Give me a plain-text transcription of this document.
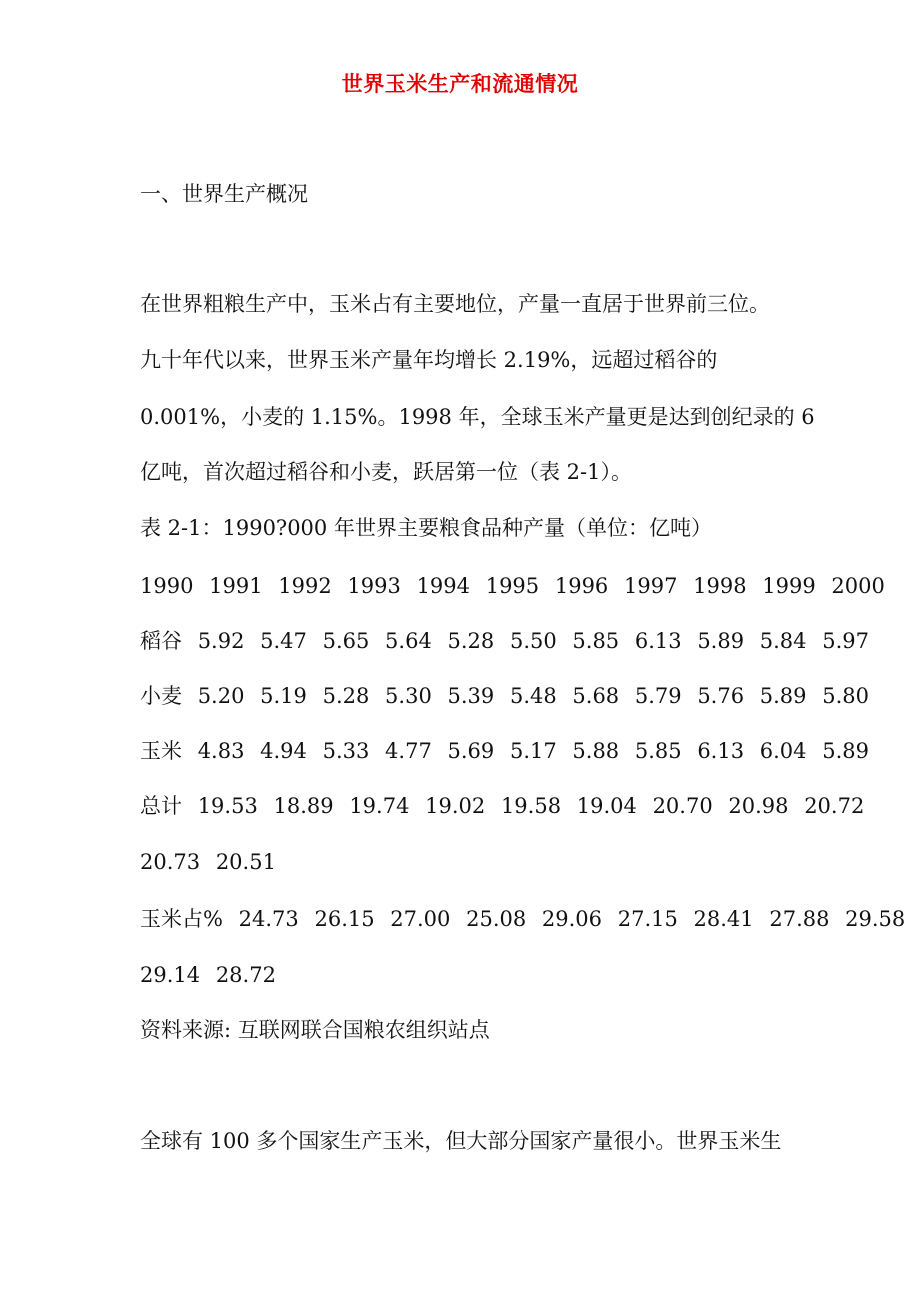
世界玉米生产和流通情况
一、世界生产概况
在世界粗粮生产中，玉米占有主要地位，产量一直居于世界前三位。
九十年代以来，世界玉米产量年均增长 2.19%，远超过稻谷的
0.001%，小麦的 1.15%。1998 年，全球玉米产量更是达到创纪录的 6
亿吨，首次超过稻谷和小麦，跃居第一位（表 2-1）。
表 2-1：1990?000 年世界主要粮食品种产量（单位：亿吨）
1990 1991 1992 1993 1994 1995 1996 1997 1998 1999 2000
稻谷 5.92 5.47 5.65 5.64 5.28 5.50 5.85 6.13 5.89 5.84 5.97
小麦 5.20 5.19 5.28 5.30 5.39 5.48 5.68 5.79 5.76 5.89 5.80
玉米 4.83 4.94 5.33 4.77 5.69 5.17 5.88 5.85 6.13 6.04 5.89
总计 19.53 18.89 19.74 19.02 19.58 19.04 20.70 20.98 20.72
20.73 20.51
玉米占% 24.73 26.15 27.00 25.08 29.06 27.15 28.41 27.88 29.58
29.14 28.72
资料来源: 互联网联合国粮农组织站点
全球有 100 多个国家生产玉米，但大部分国家产量很小。世界玉米生
